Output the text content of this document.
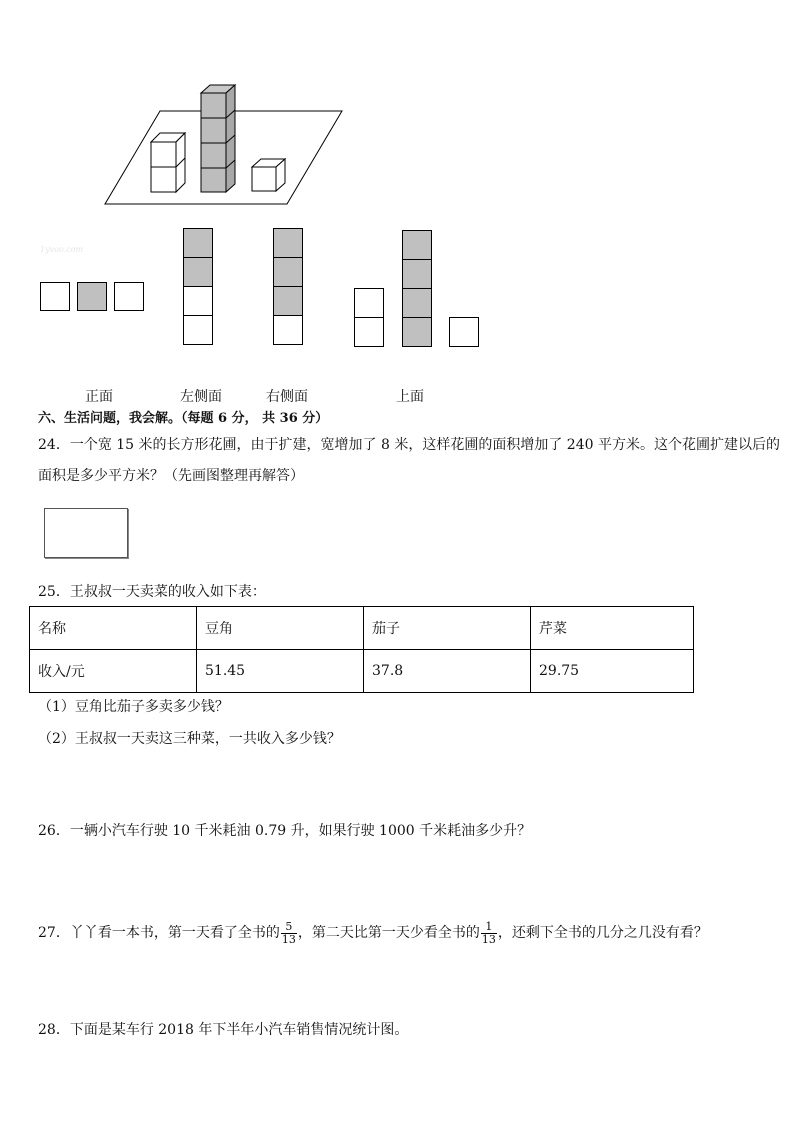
1yvoo.com
正面	左侧面	右侧面	上面
六、生活问题，我会解。（每题 6 分， 共 36 分）
24．一个宽 15 米的长方形花圃，由于扩建，宽增加了 8 米，这样花圃的面积增加了 240 平方米。这个花圃扩建以后的
面积是多少平方米？（先画图整理再解答）
25．王叔叔一天卖菜的收入如下表：
名称	豆角	茄子	芹菜
收入/元	51.45	37.8	29.75
（1）豆角比茄子多卖多少钱？
（2）王叔叔一天卖这三种菜，一共收入多少钱？
26．一辆小汽车行驶 10 千米耗油 0.79 升，如果行驶 1000 千米耗油多少升？
27．丫丫看一本书，第一天看了全书的 $\frac{5}{13}$ ，第二天比第一天少看全书的 $\frac{1}{13}$ ，还剩下全书的几分之几没有看？
28．下面是某车行 2018 年下半年小汽车销售情况统计图。
